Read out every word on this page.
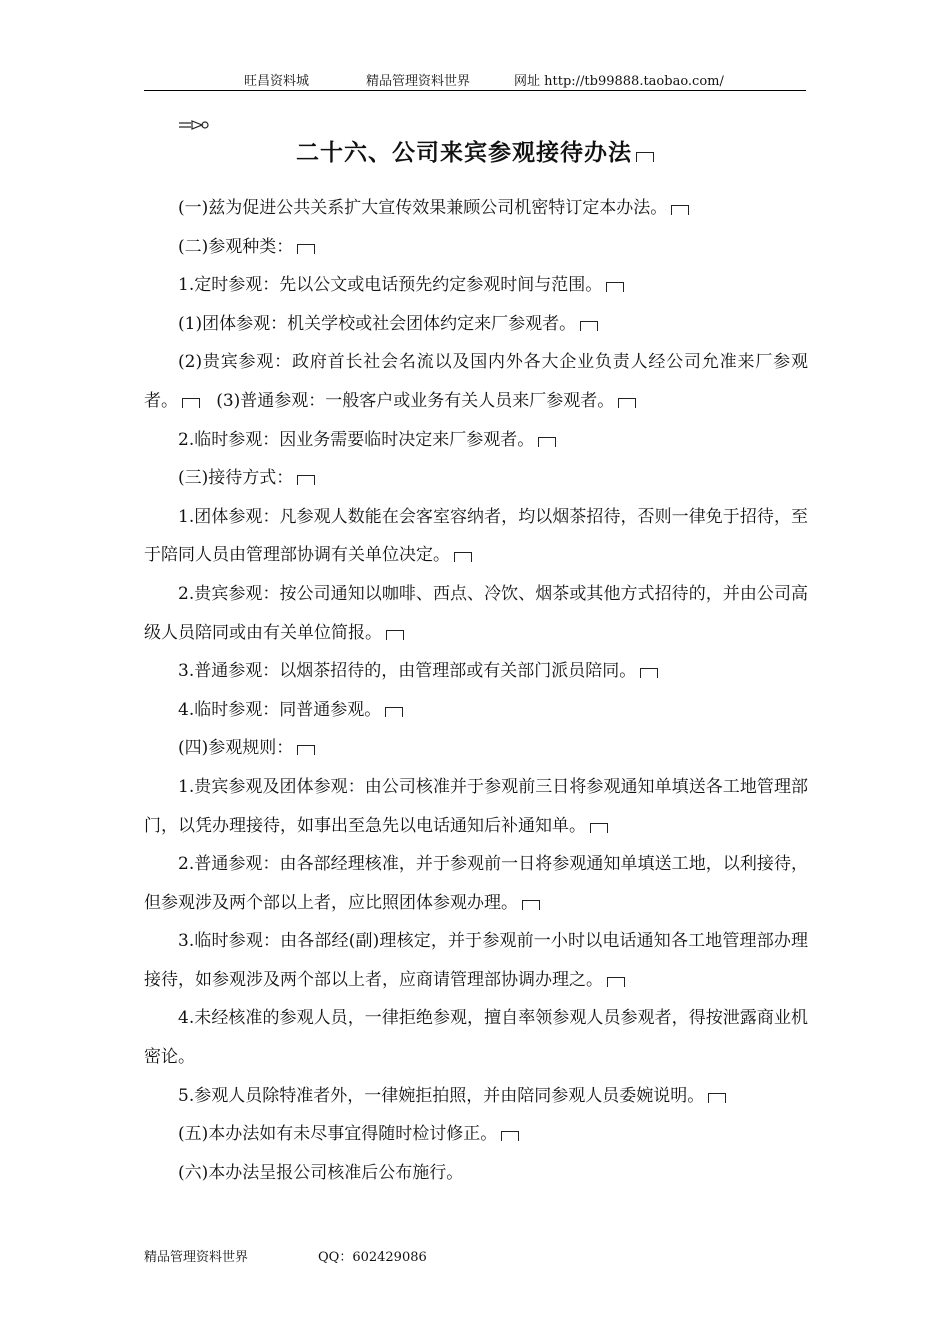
旺昌资料城	精品管理资料世界	网址 http://tb99888.taobao.com/
二十六、公司来宾参观接待办法

(一)兹为促进公共关系扩大宣传效果兼顾公司机密特订定本办法。

(二)参观种类：

1.定时参观：先以公文或电话预先约定参观时间与范围。

(1)团体参观：机关学校或社会团体约定来厂参观者。

(2)贵宾参观：政府首长社会名流以及国内外各大企业负责人经公司允准来厂参观者。 (3)普通参观：一般客户或业务有关人员来厂参观者。

2.临时参观：因业务需要临时决定来厂参观者。

(三)接待方式：

1.团体参观：凡参观人数能在会客室容纳者，均以烟茶招待，否则一律免于招待，至于陪同人员由管理部协调有关单位决定。

2.贵宾参观：按公司通知以咖啡、西点、冷饮、烟茶或其他方式招待的，并由公司高级人员陪同或由有关单位简报。

3.普通参观：以烟茶招待的，由管理部或有关部门派员陪同。

4.临时参观：同普通参观。

(四)参观规则：

1.贵宾参观及团体参观：由公司核准并于参观前三日将参观通知单填送各工地管理部门，以凭办理接待，如事出至急先以电话通知后补通知单。

2.普通参观：由各部经理核准，并于参观前一日将参观通知单填送工地，以利接待，但参观涉及两个部以上者，应比照团体参观办理。

3.临时参观：由各部经(副)理核定，并于参观前一小时以电话通知各工地管理部办理接待，如参观涉及两个部以上者，应商请管理部协调办理之。

4.未经核准的参观人员，一律拒绝参观，擅自率领参观人员参观者，得按泄露商业机密论。

5.参观人员除特准者外，一律婉拒拍照，并由陪同参观人员委婉说明。

(五)本办法如有未尽事宜得随时检讨修正。

(六)本办法呈报公司核准后公布施行。

精品管理资料世界	QQ：602429086
